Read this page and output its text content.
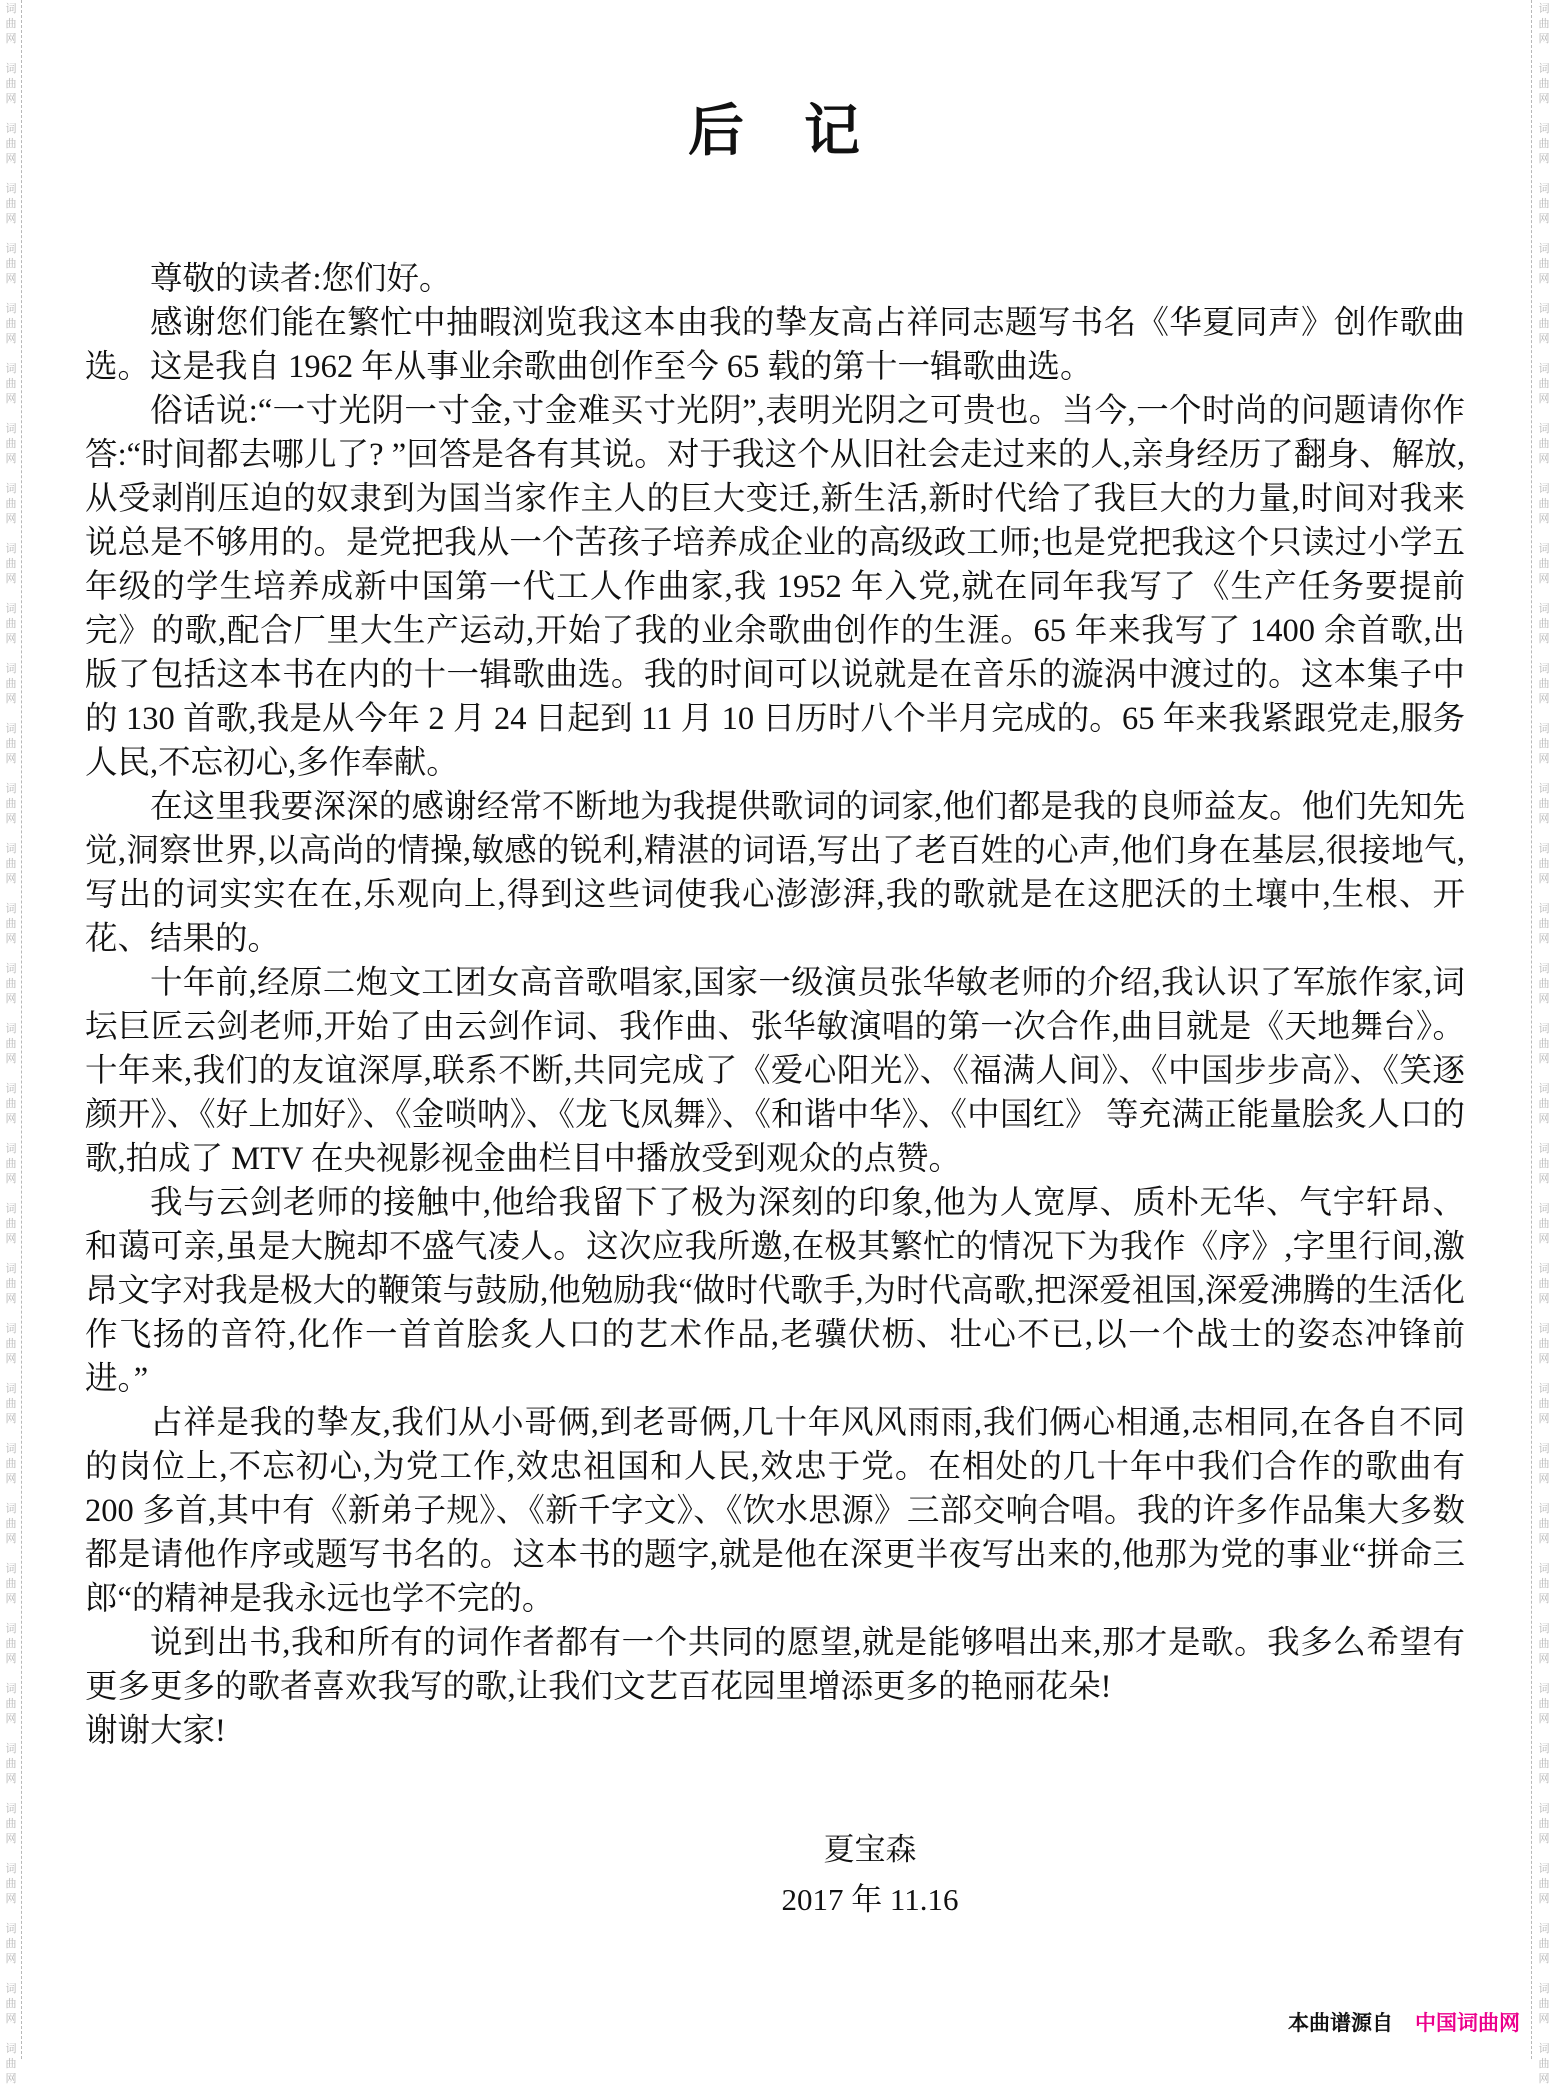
词
曲
网
词
曲
网
词
曲
网
词
曲
网
词
曲
网
词
曲
网
词
曲
网
词
曲
网
词
曲
网
词
曲
网
词
曲
网
词
曲
网
词
曲
网
词
曲
网
词
曲
网
词
曲
网
词
曲
网
词
曲
网
词
曲
网
词
曲
网
词
曲
网
词
曲
网
词
曲
网
词
曲
网
词
曲
网
词
曲
网
词
曲
网
词
曲
网
词
曲
网
词
曲
网
词
曲
网
词
曲
网
词
曲
网
词
曲
网
词
曲
网
词
曲
网
词
曲
网
词
曲
网
词
曲
网
词
曲
网
词
曲
网
词
曲
网
词
曲
网
词
曲
网
词
曲
网
词
曲
网
词
曲
网
词
曲
网
词
曲
网
词
曲
网
词
曲
网
词
曲
网
词
曲
网
词
曲
网
词
曲
网
词
曲
网
词
曲
网
词
曲
网
词
曲
网
词
曲
网
词
曲
网
词
曲
网
词
曲
网
词
曲
网
词
曲
网
词
曲
网
词
曲
网
词
曲
网
词
曲
网
词
曲
网
后　记

尊敬的读者:您们好。

感谢您们能在繁忙中抽暇浏览我这本由我的挚友高占祥同志题写书名《华夏同声》创作歌曲选。这是我自 1962 年从事业余歌曲创作至今 65 载的第十一辑歌曲选。

俗话说:“一寸光阴一寸金,寸金难买寸光阴”,表明光阴之可贵也。当今,一个时尚的问题请你作答:“时间都去哪儿了? ”回答是各有其说。对于我这个从旧社会走过来的人,亲身经历了翻身、解放,从受剥削压迫的奴隶到为国当家作主人的巨大变迁,新生活,新时代给了我巨大的力量,时间对我来说总是不够用的。是党把我从一个苦孩子培养成企业的高级政工师;也是党把我这个只读过小学五年级的学生培养成新中国第一代工人作曲家,我 1952 年入党,就在同年我写了《生产任务要提前完》的歌,配合厂里大生产运动,开始了我的业余歌曲创作的生涯。65 年来我写了 1400 余首歌,出版了包括这本书在内的十一辑歌曲选。我的时间可以说就是在音乐的漩涡中渡过的。这本集子中的 130 首歌,我是从今年 2 月 24 日起到 11 月 10 日历时八个半月完成的。65 年来我紧跟党走,服务人民,不忘初心,多作奉献。

在这里我要深深的感谢经常不断地为我提供歌词的词家,他们都是我的良师益友。他们先知先觉,洞察世界,以高尚的情操,敏感的锐利,精湛的词语,写出了老百姓的心声,他们身在基层,很接地气,写出的词实实在在,乐观向上,得到这些词使我心澎澎湃,我的歌就是在这肥沃的土壤中,生根、开花、结果的。

十年前,经原二炮文工团女高音歌唱家,国家一级演员张华敏老师的介绍,我认识了军旅作家,词坛巨匠云剑老师,开始了由云剑作词、我作曲、张华敏演唱的第一次合作,曲目就是《天地舞台》。 十年来,我们的友谊深厚,联系不断,共同完成了《爱心阳光》、《福满人间》、《中国步步高》、《笑逐颜开》、《好上加好》、《金唢呐》、《龙飞凤舞》、《和谐中华》、《中国红》 等充满正能量脍炙人口的歌,拍成了 MTV 在央视影视金曲栏目中播放受到观众的点赞。

我与云剑老师的接触中,他给我留下了极为深刻的印象,他为人宽厚、质朴无华、气宇轩昂、和蔼可亲,虽是大腕却不盛气凌人。这次应我所邀,在极其繁忙的情况下为我作《序》,字里行间,激昂文字对我是极大的鞭策与鼓励,他勉励我“做时代歌手,为时代高歌,把深爱祖国,深爱沸腾的生活化作飞扬的音符,化作一首首脍炙人口的艺术作品,老骥伏枥、壮心不已,以一个战士的姿态冲锋前进。”

占祥是我的挚友,我们从小哥俩,到老哥俩,几十年风风雨雨,我们俩心相通,志相同,在各自不同的岗位上,不忘初心,为党工作,效忠祖国和人民,效忠于党。在相处的几十年中我们合作的歌曲有 200 多首,其中有《新弟子规》、《新千字文》、《饮水思源》三部交响合唱。我的许多作品集大多数都是请他作序或题写书名的。这本书的题字,就是他在深更半夜写出来的,他那为党的事业“拼命三郎“的精神是我永远也学不完的。

说到出书,我和所有的词作者都有一个共同的愿望,就是能够唱出来,那才是歌。我多么希望有更多更多的歌者喜欢我写的歌,让我们文艺百花园里增添更多的艳丽花朵!

谢谢大家!

夏宝森
2017 年 11.16
本曲谱源自 中国词曲网
